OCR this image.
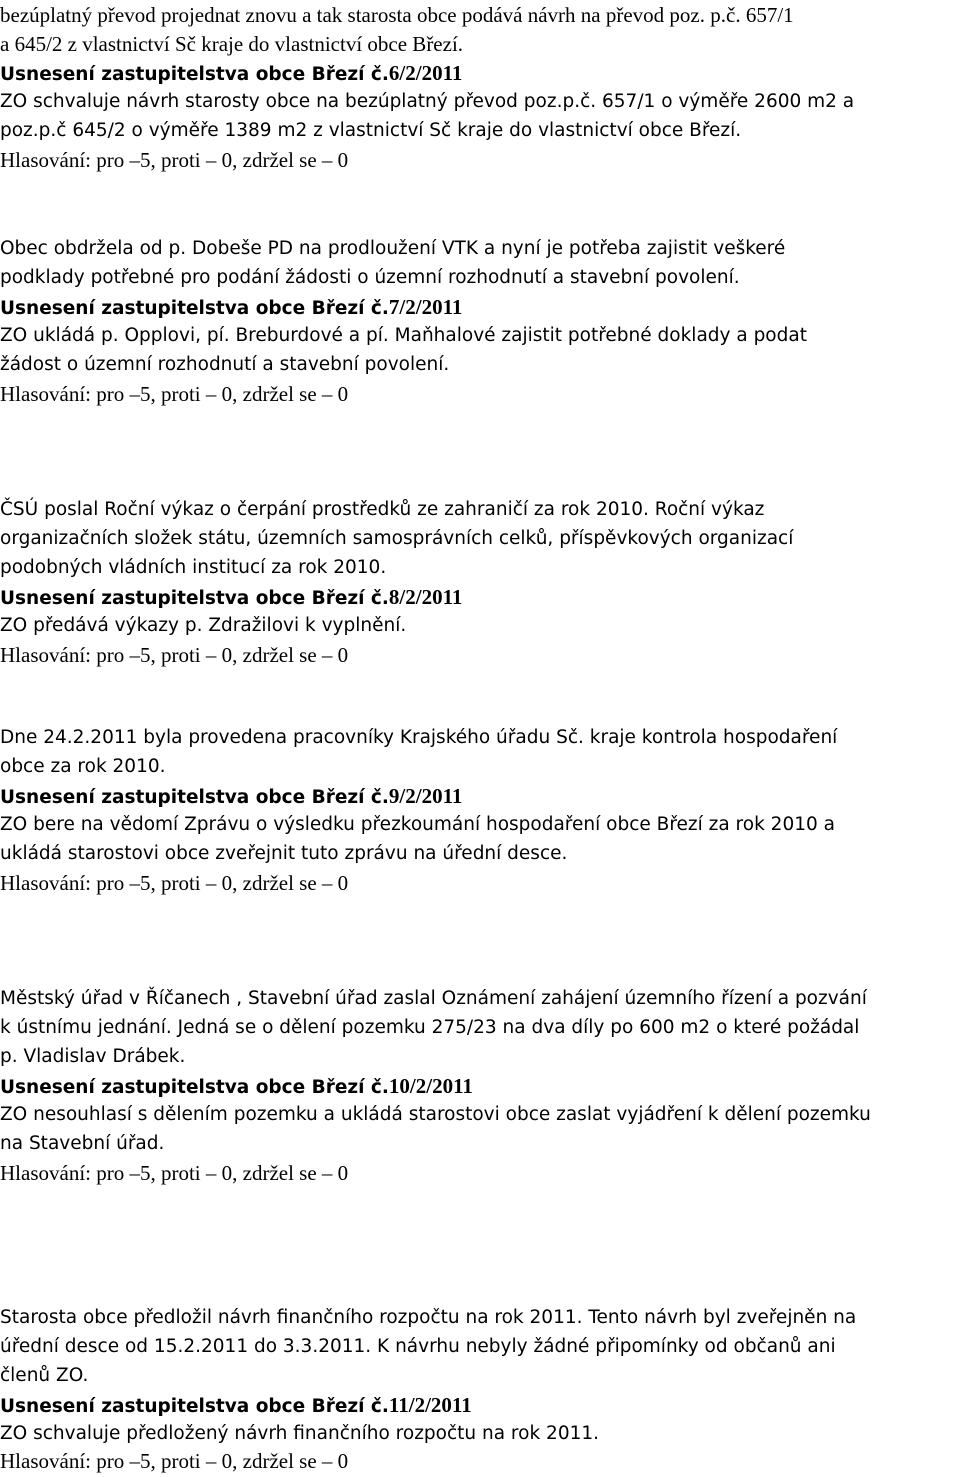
bezúplatný převod projednat znovu a tak starosta obce podává návrh na převod poz. p.č. 657/1
a 645/2 z vlastnictví Sč kraje do vlastnictví obce Březí.
Usnesení zastupitelstva obce Březí č.6/2/2011
ZO schvaluje návrh starosty obce na bezúplatný převod poz.p.č. 657/1 o výměře 2600 m2 a
poz.p.č 645/2 o výměře 1389 m2 z vlastnictví Sč kraje do vlastnictví obce Březí.
Hlasování: pro –5, proti – 0, zdržel se – 0
Obec obdržela od p. Dobeše PD na prodloužení VTK a nyní je potřeba zajistit veškeré
podklady potřebné pro podání žádosti o územní rozhodnutí a stavební povolení.
Usnesení zastupitelstva obce Březí č.7/2/2011
ZO ukládá p. Opplovi, pí. Breburdové a pí. Maňhalové zajistit potřebné doklady a podat
žádost o územní rozhodnutí a stavební povolení.
Hlasování: pro –5, proti – 0, zdržel se – 0
ČSÚ poslal Roční výkaz o čerpání prostředků ze zahraničí za rok 2010. Roční výkaz
organizačních složek státu, územních samosprávních celků, příspěvkových organizací
podobných vládních institucí za rok 2010.
Usnesení zastupitelstva obce Březí č.8/2/2011
ZO předává výkazy p. Zdražilovi k vyplnění.
Hlasování: pro –5, proti – 0, zdržel se – 0
Dne 24.2.2011 byla provedena pracovníky Krajského úřadu Sč. kraje kontrola hospodaření
obce za rok 2010.
Usnesení zastupitelstva obce Březí č.9/2/2011
ZO bere na vědomí Zprávu o výsledku přezkoumání hospodaření obce Březí za rok 2010 a
ukládá starostovi obce zveřejnit tuto zprávu na úřední desce.
Hlasování: pro –5, proti – 0, zdržel se – 0
Městský úřad v Říčanech , Stavební úřad zaslal Oznámení zahájení územního řízení a pozvání
k ústnímu jednání. Jedná se o dělení pozemku 275/23 na dva díly po 600 m2 o které požádal
p. Vladislav Drábek.
Usnesení zastupitelstva obce Březí č.10/2/2011
ZO nesouhlasí s dělením pozemku a ukládá starostovi obce zaslat vyjádření k dělení pozemku
na Stavební úřad.
Hlasování: pro –5, proti – 0, zdržel se – 0
Starosta obce předložil návrh finančního rozpočtu na rok 2011. Tento návrh byl zveřejněn na
úřední desce od 15.2.2011 do 3.3.2011. K návrhu nebyly žádné připomínky od občanů ani
členů ZO.
Usnesení zastupitelstva obce Březí č.11/2/2011
ZO schvaluje předložený návrh finančního rozpočtu na rok 2011.
Hlasování: pro –5, proti – 0, zdržel se – 0
